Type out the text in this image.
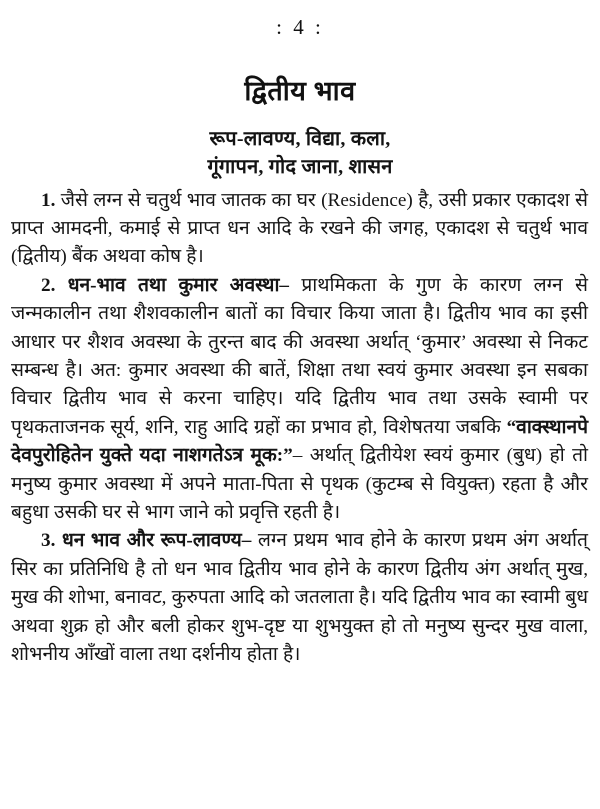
: 4 :
द्वितीय भाव
रूप-लावण्य, विद्या, कला,
गूंगापन, गोद जाना, शासन

1. जैसे लग्न से चतुर्थ भाव जातक का घर (Residence) है, उसी प्रकार एकादश से प्राप्त आमदनी, कमाई से प्राप्त धन आदि के रखने की जगह, एकादश से चतुर्थ भाव (द्वितीय) बैंक अथवा कोष है।

2. धन-भाव तथा कुमार अवस्था– प्राथमिकता के गुण के कारण लग्न से जन्मकालीन तथा शैशवकालीन बातों का विचार किया जाता है। द्वितीय भाव का इसी आधार पर शैशव अवस्था के तुरन्त बाद की अवस्था अर्थात् ‘कुमार’ अवस्था से निकट सम्बन्ध है। अत: कुमार अवस्था की बातें, शिक्षा तथा स्वयं कुमार अवस्था इन सबका विचार द्वितीय भाव से करना चाहिए। यदि द्वितीय भाव तथा उसके स्वामी पर पृथकताजनक सूर्य, शनि, राहु आदि ग्रहों का प्रभाव हो, विशेषतया जबकि “वाक्स्थानपे देवपुरोहितेन युक्ते यदा नाशगतेऽत्र मूक:”– अर्थात् द्वितीयेश स्वयं कुमार (बुध) हो तो मनुष्य कुमार अवस्था में अपने माता-पिता से पृथक (कुटम्ब से वियुक्त) रहता है और बहुधा उसकी घर से भाग जाने को प्रवृत्ति रहती है।

3. धन भाव और रूप-लावण्य– लग्न प्रथम भाव होने के कारण प्रथम अंग अर्थात् सिर का प्रतिनिधि है तो धन भाव द्वितीय भाव होने के कारण द्वितीय अंग अर्थात् मुख, मुख की शोभा, बनावट, कुरुपता आदि को जतलाता है। यदि द्वितीय भाव का स्वामी बुध अथवा शुक्र हो और बली होकर शुभ-दृष्ट या शुभयुक्त हो तो मनुष्य सुन्दर मुख वाला, शोभनीय आँखों वाला तथा दर्शनीय होता है।
